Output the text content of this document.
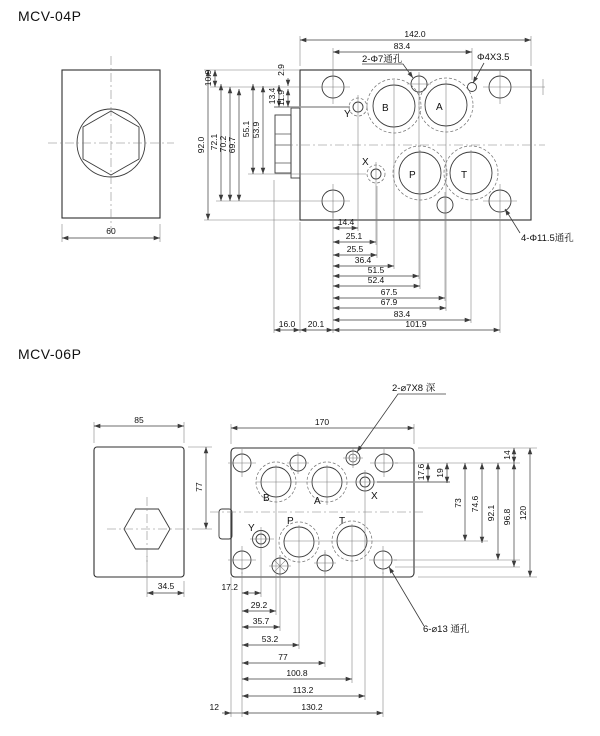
MCV-04P
60
Y
B	A
X
P	T
142.0
83.4
92.0 72.1 70.2 69.7
55.1 53.9
13.4 11.9
10.9	2.9
14.4
25.1
25.5
36.4
51.5
52.4
67.5
67.9
83.4
101.9
16.0 20.1
2-Φ7通孔	Φ4X3.5
4-Φ11.5通孔
MCV-06P
85
77
34.5
B	A	X
Y
P	T
170
14
17.6 19
73 74.6
92.1 96.8 120
17.2
29.2
35.7
53.2
77
100.8
113.2
130.2
12
2-⌀7X8 深
6-⌀13 通孔
